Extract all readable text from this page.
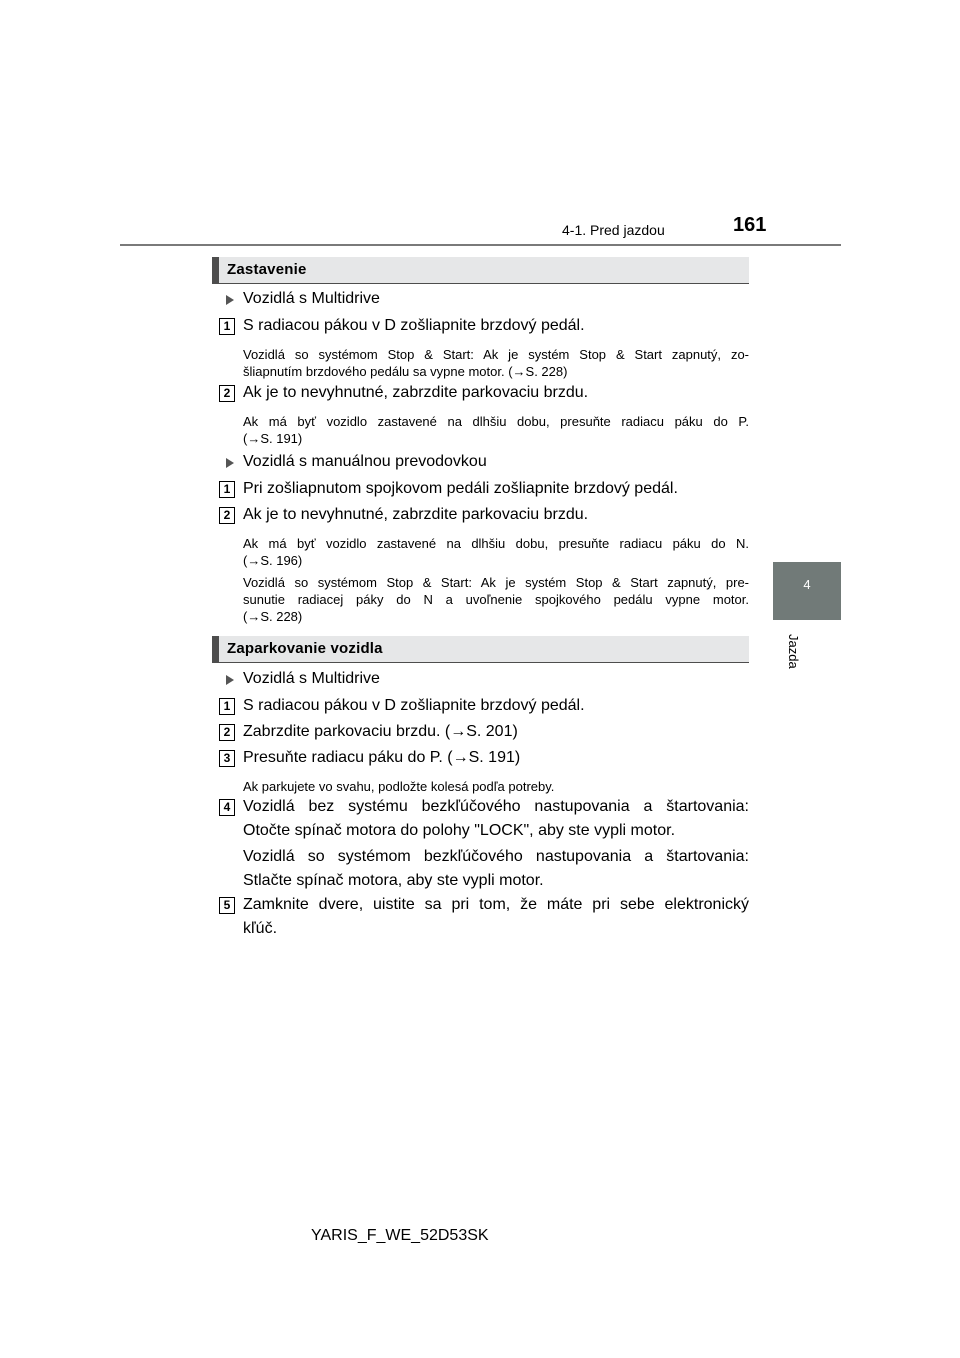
4-1. Pred jazdou	161
4
Jazda
Zastavenie
Vozidlá s Multidrive
1 S radiacou pákou v D zošliapnite brzdový pedál.
Vozidlá so systémom Stop & Start: Ak je systém Stop & Start zapnutý, zo-
šliapnutím brzdového pedálu sa vypne motor. (→S. 228)
2 Ak je to nevyhnutné, zabrzdite parkovaciu brzdu.
Ak má byť vozidlo zastavené na dlhšiu dobu, presuňte radiacu páku do P.
(→S. 191)
Vozidlá s manuálnou prevodovkou
1 Pri zošliapnutom spojkovom pedáli zošliapnite brzdový pedál.
2 Ak je to nevyhnutné, zabrzdite parkovaciu brzdu.
Ak má byť vozidlo zastavené na dlhšiu dobu, presuňte radiacu páku do N.
(→S. 196)
Vozidlá so systémom Stop & Start: Ak je systém Stop & Start zapnutý, pre-
sunutie radiacej páky do N a uvoľnenie spojkového pedálu vypne motor.
(→S. 228)
Zaparkovanie vozidla
Vozidlá s Multidrive
1 S radiacou pákou v D zošliapnite brzdový pedál.
2 Zabrzdite parkovaciu brzdu. (→S. 201)
3 Presuňte radiacu páku do P. (→S. 191)
Ak parkujete vo svahu, podložte kolesá podľa potreby.
4 Vozidlá bez systému bezkľúčového nastupovania a štartovania:
Otočte spínač motora do polohy "LOCK", aby ste vypli motor.
Vozidlá so systémom bezkľúčového nastupovania a štartovania:
Stlačte spínač motora, aby ste vypli motor.
5 Zamknite dvere, uistite sa pri tom, že máte pri sebe elektronický
kľúč.
YARIS_F_WE_52D53SK
